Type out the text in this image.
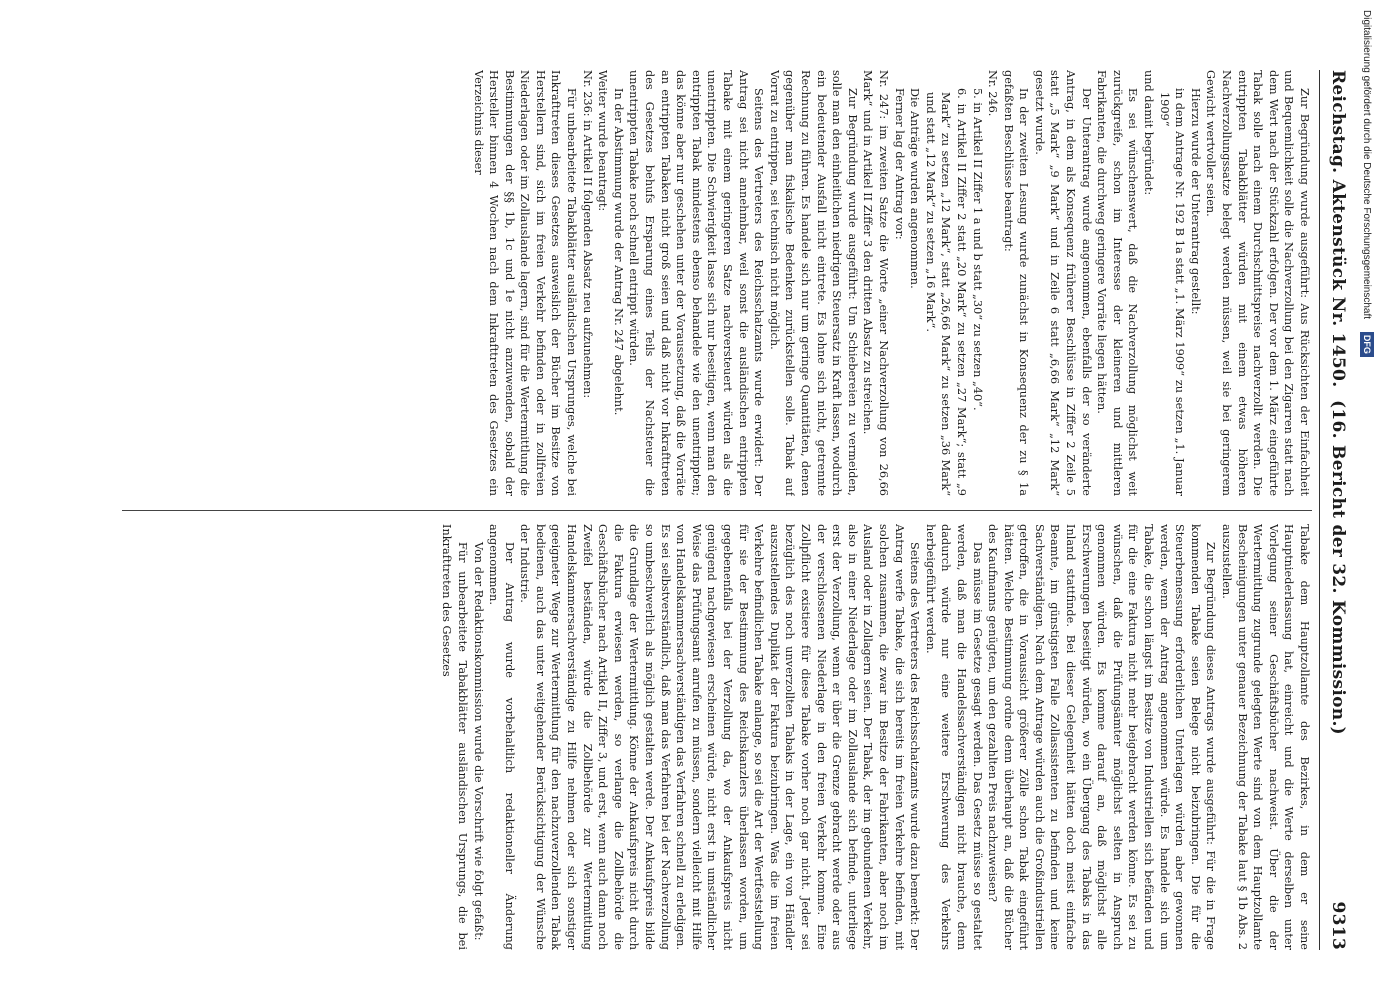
Reichstag. Aktenstück Nr. 1450.
(16. Bericht der 32. Kommission.)
9313

Zur Begründung wurde ausgeführt: Aus Rücksichten der Einfachheit und Bequemlichkeit solle die Nachverzollung bei den Zigarren statt nach dem Wert nach der Stückzahl erfolgen. Der vor dem 1. März eingeführte Tabak solle nach einem Durchschnittspreise nachverzollt werden. Die entrippten Tabakblätter würden mit einem etwas höheren Nachverzollungssatze belegt werden müssen, weil sie bei geringerem Gewicht wertvoller seien.

Hierzu wurde der Unterantrag gestellt:

in dem Antrage Nr. 192 B 1a statt „1. März 1909“ zu setzen „1. Januar 1909“

und damit begründet:

Es sei wünschenswert, daß die Nachverzollung möglichst weit zurückgreife, schon im Interesse der kleineren und mittleren Fabrikanten, die durchweg geringere Vorräte liegen hätten.

Der Unterantrag wurde angenommen, ebenfalls der so veränderte Antrag, in dem als Konsequenz früherer Beschlüsse in Ziffer 2 Zeile 5 statt „5 Mark“ „9 Mark“ und in Zeile 6 statt „6,66 Mark“ „12 Mark“ gesetzt wurde.

In der zweiten Lesung wurde zunächst in Konsequenz der zu § 1a gefaßten Beschlüsse beantragt:

Nr. 246.

5. in Artikel II Ziffer 1 a und b statt „30“ zu setzen „40“.

6. in Artikel II Ziffer 2 statt „20 Mark“ zu setzen „27 Mark“; statt „9 Mark“ zu setzen „12 Mark“, statt „26,66 Mark“ zu setzen „36 Mark“ und statt „12 Mark“ zu setzen „16 Mark“.

Die Anträge wurden angenommen.

Ferner lag der Antrag vor:

Nr. 247: im zweiten Satze die Worte „einer Nachverzollung von 26,66 Mark“ und in Artikel II Ziffer 3 den dritten Absatz zu streichen.

Zur Begründung wurde ausgeführt: Um Schiebereien zu vermeiden, solle man den einheitlichen niedrigen Steuersatz in Kraft lassen, wodurch ein bedeutender Ausfall nicht eintrete. Es lohne sich nicht, getrennte Rechnung zu führen. Es handele sich nur um geringe Quantitäten, denen gegenüber man fiskalische Bedenken zurückstellen solle. Tabak auf Vorrat zu entrippen, sei technisch nicht möglich.

Seitens des Vertreters des Reichsschatzamts wurde erwidert: Der Antrag sei nicht annehmbar, weil sonst die ausländischen entrippten Tabake mit einem geringeren Satze nachversteuert würden als die unentrippten. Die Schwierigkeit lasse sich nur beseitigen, wenn man den entrippten Tabak mindestens ebenso behandele wie den unentrippten; das könne aber nur geschehen unter der Voraussetzung, daß die Vorräte an entrippten Tabaken nicht groß seien und daß nicht vor Inkrafttreten des Gesetzes behufs Ersparung eines Teils der Nachsteuer die unentrippten Tabake noch schnell entrippt würden.

In der Abstimmung wurde der Antrag Nr. 247 abgelehnt.

Weiter wurde beantragt:

Nr. 236: in Artikel II folgenden Absatz neu aufzunehmen:

Für unbearbeitete Tabakblätter ausländischen Ursprunges, welche bei Inkrafttreten dieses Gesetzes ausweislich der Bücher im Besitze von Herstellern sind, sich im freien Verkehr befinden oder in zollfreien Niederlagen oder im Zollauslande lagern, sind für die Wertermittlung die Bestimmungen der §§ 1b, 1c und 1e nicht anzuwenden, sobald der Hersteller binnen 4 Wochen nach dem Inkrafttreten des Gesetzes ein Verzeichnis dieser

Tabake dem Hauptzollamte des Bezirkes, in dem er seine Hauptniederlassung hat, einreicht und die Werte derselben unter Vorlegung seiner Geschäftsbücher nachweist. Über die der Wertermittlung zugrunde gelegten Werte sind von dem Hauptzollamte Bescheinigungen unter genauer Bezeichnung der Tabake laut § 1b Abs. 2 auszustellen.

Zur Begründung dieses Antrags wurde ausgeführt: Für die in Frage kommenden Tabake seien Belege nicht beizubringen. Die für die Steuerbemessung erforderlichen Unterlagen würden aber gewonnen werden, wenn der Antrag angenommen würde. Es handele sich um Tabake, die schon längst im Besitze von Industriellen sich befänden und für die eine Faktura nicht mehr beigebracht werden könne. Es sei zu wünschen, daß die Prüfungsämter möglichst selten in Anspruch genommen würden. Es komme darauf an, daß möglichst alle Erschwerungen beseitigt würden, wo ein Übergang des Tabaks in das Inland stattfinde. Bei dieser Gelegenheit hätten doch meist einfache Beamte, im günstigsten Falle Zollassistenten zu befinden und keine Sachverständigen. Nach dem Antrage würden auch die Großindustriellen getroffen, die in Voraussicht größerer Zölle schon Tabak eingeführt hätten. Welche Bestimmung ordne denn überhaupt an, daß die Bücher des Kaufmanns genügten, um den gezahlten Preis nachzuweisen?

Das müsse im Gesetze gesagt werden. Das Gesetz müsse so gestaltet werden, daß man die Handelssachverständigen nicht brauche, denn dadurch würde nur eine weitere Erschwerung des Verkehrs herbeigeführt werden.

Seitens des Vertreters des Reichsschatzamts wurde dazu bemerkt: Der Antrag werfe Tabake, die sich bereits im freien Verkehre befinden, mit solchen zusammen, die zwar im Besitze der Fabrikanten, aber noch im Ausland oder in Zollagern seien. Der Tabak, der im gebundenen Verkehr, also in einer Niederlage oder im Zollauslande sich befinde, unterliege erst der Verzollung, wenn er über die Grenze gebracht werde oder aus der verschlossenen Niederlage in den freien Verkehr komme. Eine Zollpflicht existiere für diese Tabake vorher noch gar nicht. Jeder sei bezüglich des noch unverzollten Tabaks in der Lage, ein von Händler auszustellendes Duplikat der Faktura beizubringen. Was die im freien Verkehre befindlichen Tabake anlange, so sei die Art der Wertfeststellung für sie der Bestimmung des Reichskanzlers überlassen worden, um gegebenenfalls bei der Verzollung da, wo der Ankaufspreis nicht genügend nachgewiesen erscheinen würde, nicht erst in umständlicher Weise das Prüfungsamt anrufen zu müssen, sondern vielleicht mit Hilfe von Handelskammersachverständigen das Verfahren schnell zu erledigen. Es sei selbstverständlich, daß man das Verfahren bei der Nachverzollung so umbeschwerlich als möglich gestalten werde. Der Ankaufspreis bilde die Grundlage der Wertermittlung. Könne der Ankaufspreis nicht durch die Faktura erwiesen werden, so verlange die Zollbehörde die Geschäftsbücher nach Artikel II, Ziffer 3, und erst, wenn auch dann noch Zweifel beständen, würde die Zollbehörde zur Wertermittlung Handelskammersachverständige zu Hilfe nehmen oder sich sonstiger geeigneter Wege zur Wertermittlung für den nachzuverzollenden Tabak bedienen, auch das unter weitgehender Berücksichtigung der Wünsche der Industrie.

Der Antrag wurde vorbehaltlich redaktioneller Änderung angenommen.

Von der Redaktionskommission wurde die Vorschrift wie folgt gefaßt:

Für unbearbeitete Tabakblätter ausländischen Ursprungs, die bei Inkrafttreten des Gesetzes

Digitalisierung gefördert durch die Deutsche Forschungsgemeinschaft DFG
